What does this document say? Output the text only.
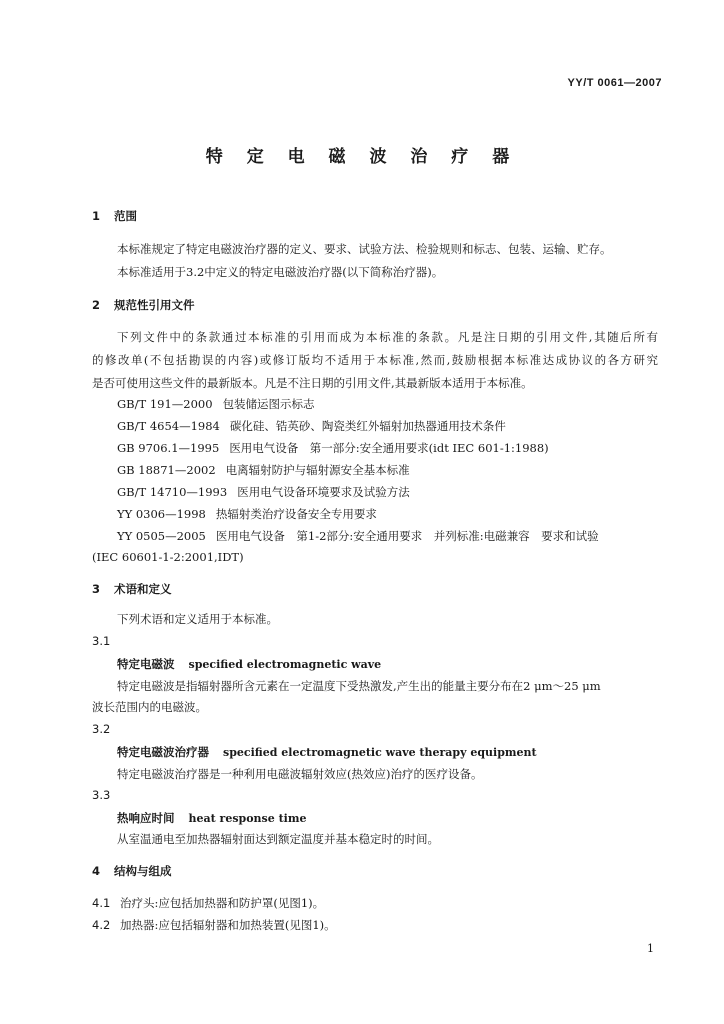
YY/T 0061—2007
特 定 电 磁 波 治 疗 器
1 范围
本标准规定了特定电磁波治疗器的定义、要求、试验方法、检验规则和标志、包装、运输、贮存。
本标准适用于3.2中定义的特定电磁波治疗器(以下简称治疗器)。
2 规范性引用文件
下列文件中的条款通过本标准的引用而成为本标准的条款。凡是注日期的引用文件,其随后所有
的修改单(不包括勘误的内容)或修订版均不适用于本标准,然而,鼓励根据本标准达成协议的各方研究
是否可使用这些文件的最新版本。凡是不注日期的引用文件,其最新版本适用于本标准。
GB/T 191—2000 包装储运图示标志
GB/T 4654—1984 碳化硅、锆英砂、陶瓷类红外辐射加热器通用技术条件
GB 9706.1—1995 医用电气设备　第一部分:安全通用要求(idt IEC 601-1:1988)
GB 18871—2002 电离辐射防护与辐射源安全基本标准
GB/T 14710—1993 医用电气设备环境要求及试验方法
YY 0306—1998 热辐射类治疗设备安全专用要求
YY 0505—2005 医用电气设备　第1-2部分:安全通用要求　并列标准:电磁兼容　要求和试验
(IEC 60601-1-2:2001,IDT)
3 术语和定义
下列术语和定义适用于本标准。
3.1
特定电磁波 specified electromagnetic wave
特定电磁波是指辐射器所含元素在一定温度下受热激发,产生出的能量主要分布在2 μm～25 μm
波长范围内的电磁波。
3.2
特定电磁波治疗器 specified electromagnetic wave therapy equipment
特定电磁波治疗器是一种利用电磁波辐射效应(热效应)治疗的医疗设备。
3.3
热响应时间 heat response time
从室温通电至加热器辐射面达到额定温度并基本稳定时的时间。
4 结构与组成
4.1 治疗头:应包括加热器和防护罩(见图1)。
4.2 加热器:应包括辐射器和加热装置(见图1)。
1
